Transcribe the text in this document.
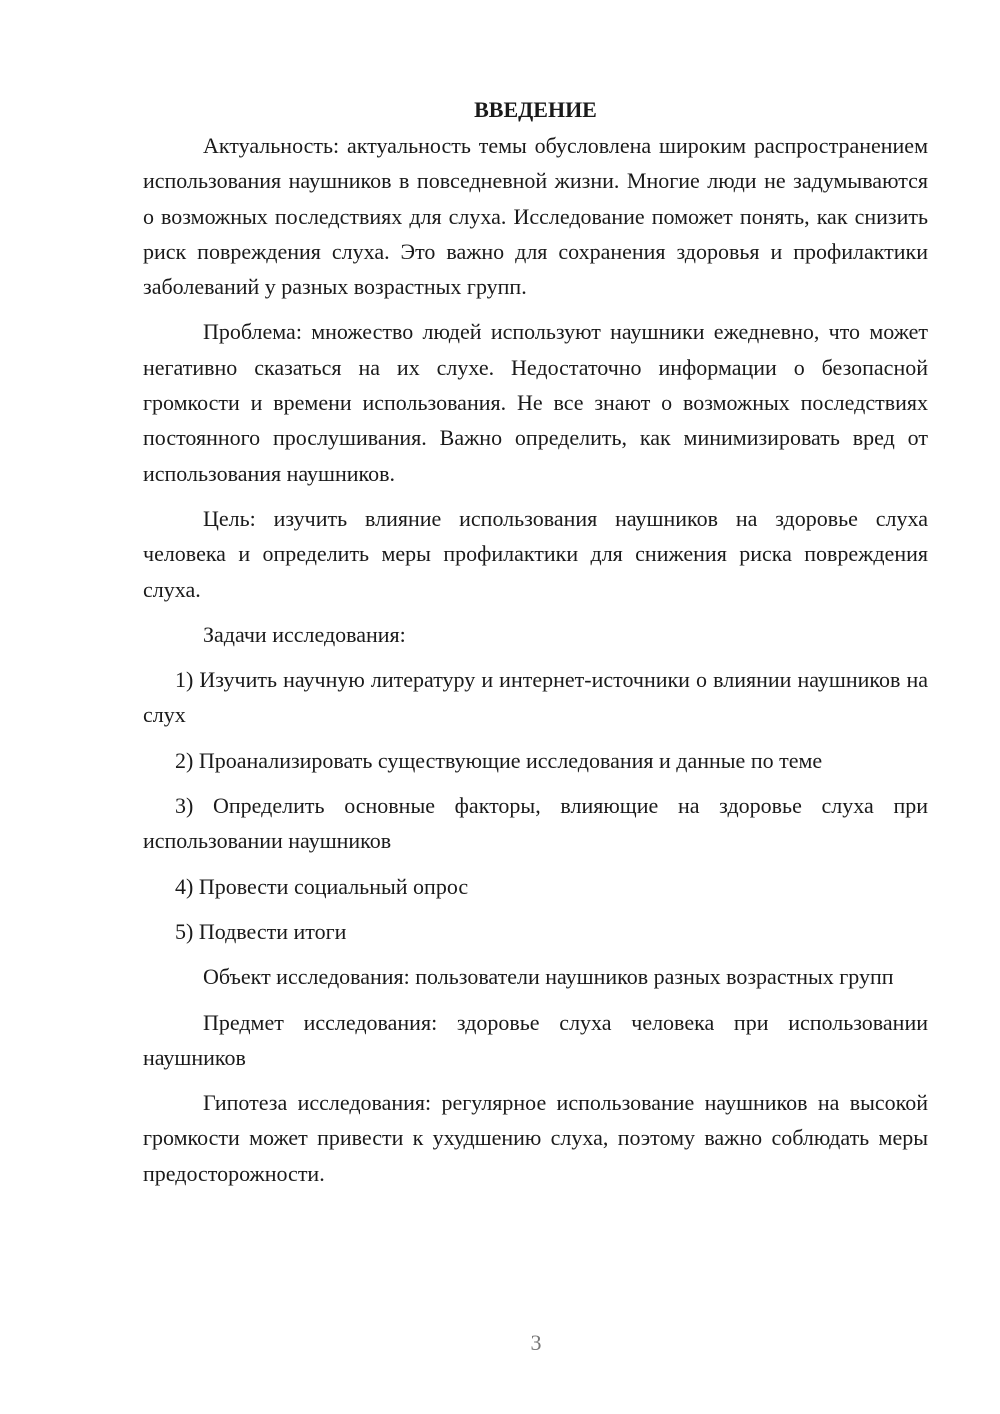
ВВЕДЕНИЕ

Актуальность: актуальность темы обусловлена широким распространением использования наушников в повседневной жизни. Многие люди не задумываются о возможных последствиях для слуха. Исследование поможет понять, как снизить риск повреждения слуха. Это важно для сохранения здоровья и профилактики заболеваний у разных возрастных групп.

Проблема: множество людей используют наушники ежедневно, что может негативно сказаться на их слухе. Недостаточно информации о безопасной громкости и времени использования. Не все знают о возможных последствиях постоянного прослушивания. Важно определить, как минимизировать вред от использования наушников.

Цель: изучить влияние использования наушников на здоровье слуха человека и определить меры профилактики для снижения риска повреждения слуха.

Задачи исследования:

1) Изучить научную литературу и интернет-источники о влиянии наушников на слух

2) Проанализировать существующие исследования и данные по теме

3) Определить основные факторы, влияющие на здоровье слуха при использовании наушников

4) Провести социальный опрос

5) Подвести итоги

Объект исследования: пользователи наушников разных возрастных групп

Предмет исследования: здоровье слуха человека при использовании наушников

Гипотеза исследования: регулярное использование наушников на высокой громкости может привести к ухудшению слуха, поэтому важно соблюдать меры предосторожности.

3
